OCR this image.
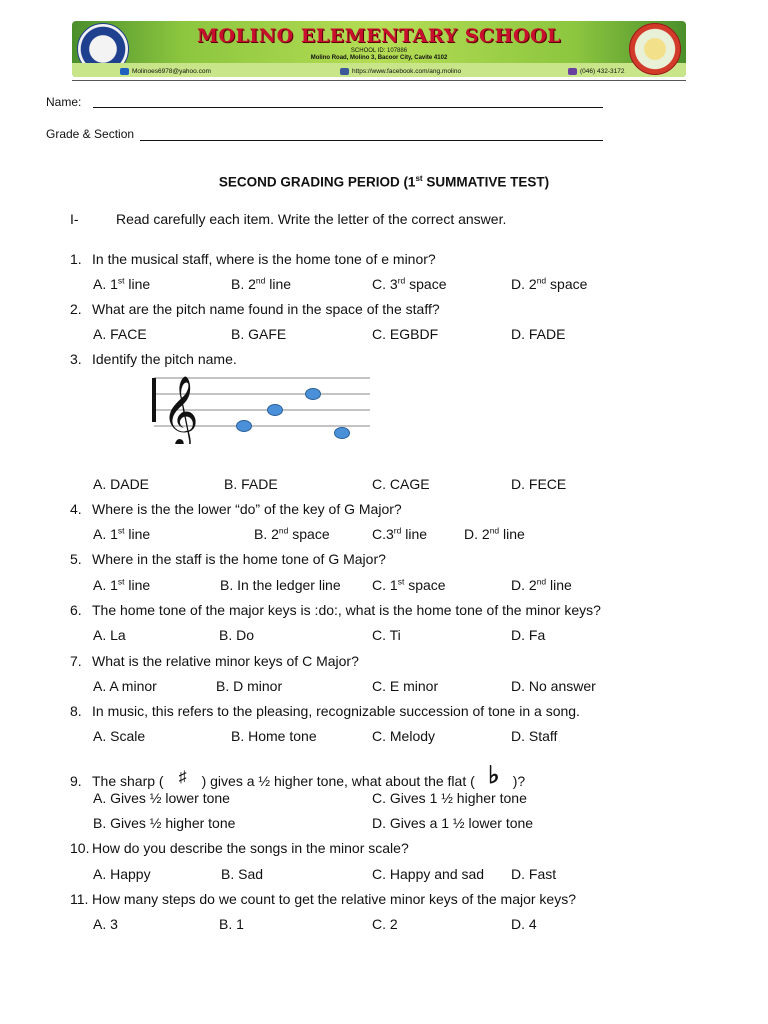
MOLINO ELEMENTARY SCHOOL
SCHOOL ID: 107886
Molino Road, Molino 3, Bacoor City, Cavite 4102
Molinoes6978@yahoo.com	https://www.facebook.com/ang.molino	(046) 432-3172
Name:
Grade & Section
SECOND GRADING PERIOD (1st SUMMATIVE TEST)
I-	Read carefully each item. Write the letter of the correct answer.
1. In the musical staff, where is the home tone of e minor?
A. 1st line	B. 2nd line	C. 3rd space	D. 2nd space
2. What are the pitch name found in the space of the staff?
A. FACE	B. GAFE	C. EGBDF	D. FADE
3. Identify the pitch name.
A. DADE	B. FADE	C. CAGE	D. FECE
4. Where is the the lower “do” of the key of G Major?
A. 1st line	B. 2nd space	C.3rd line	D. 2nd line
5. Where in the staff is the home tone of G Major?
A. 1st line	B. In the ledger line C. 1st space	D. 2nd line
6. The home tone of the major keys is :do:, what is the home tone of the minor keys?
A. La	B. Do	C. Ti	D. Fa
7. What is the relative minor keys of C Major?
A. A minor	B. D minor	C. E minor	D. No answer
8. In music, this refers to the pleasing, recognizable succession of tone in a song.
A. Scale	B. Home tone	C. Melody	D. Staff
9. The sharp ( ♯ ) gives a ½ higher tone, what about the flat ( ♭ )?
A. Gives ½ lower tone	C. Gives 1 ½ higher tone
B. Gives ½ higher tone	D. Gives a 1 ½ lower tone
10. How do you describe the songs in the minor scale?
A. Happy	B. Sad	C. Happy and sad D. Fast
11. How many steps do we count to get the relative minor keys of the major keys?
A. 3	B. 1	C. 2	D. 4
𝄞
